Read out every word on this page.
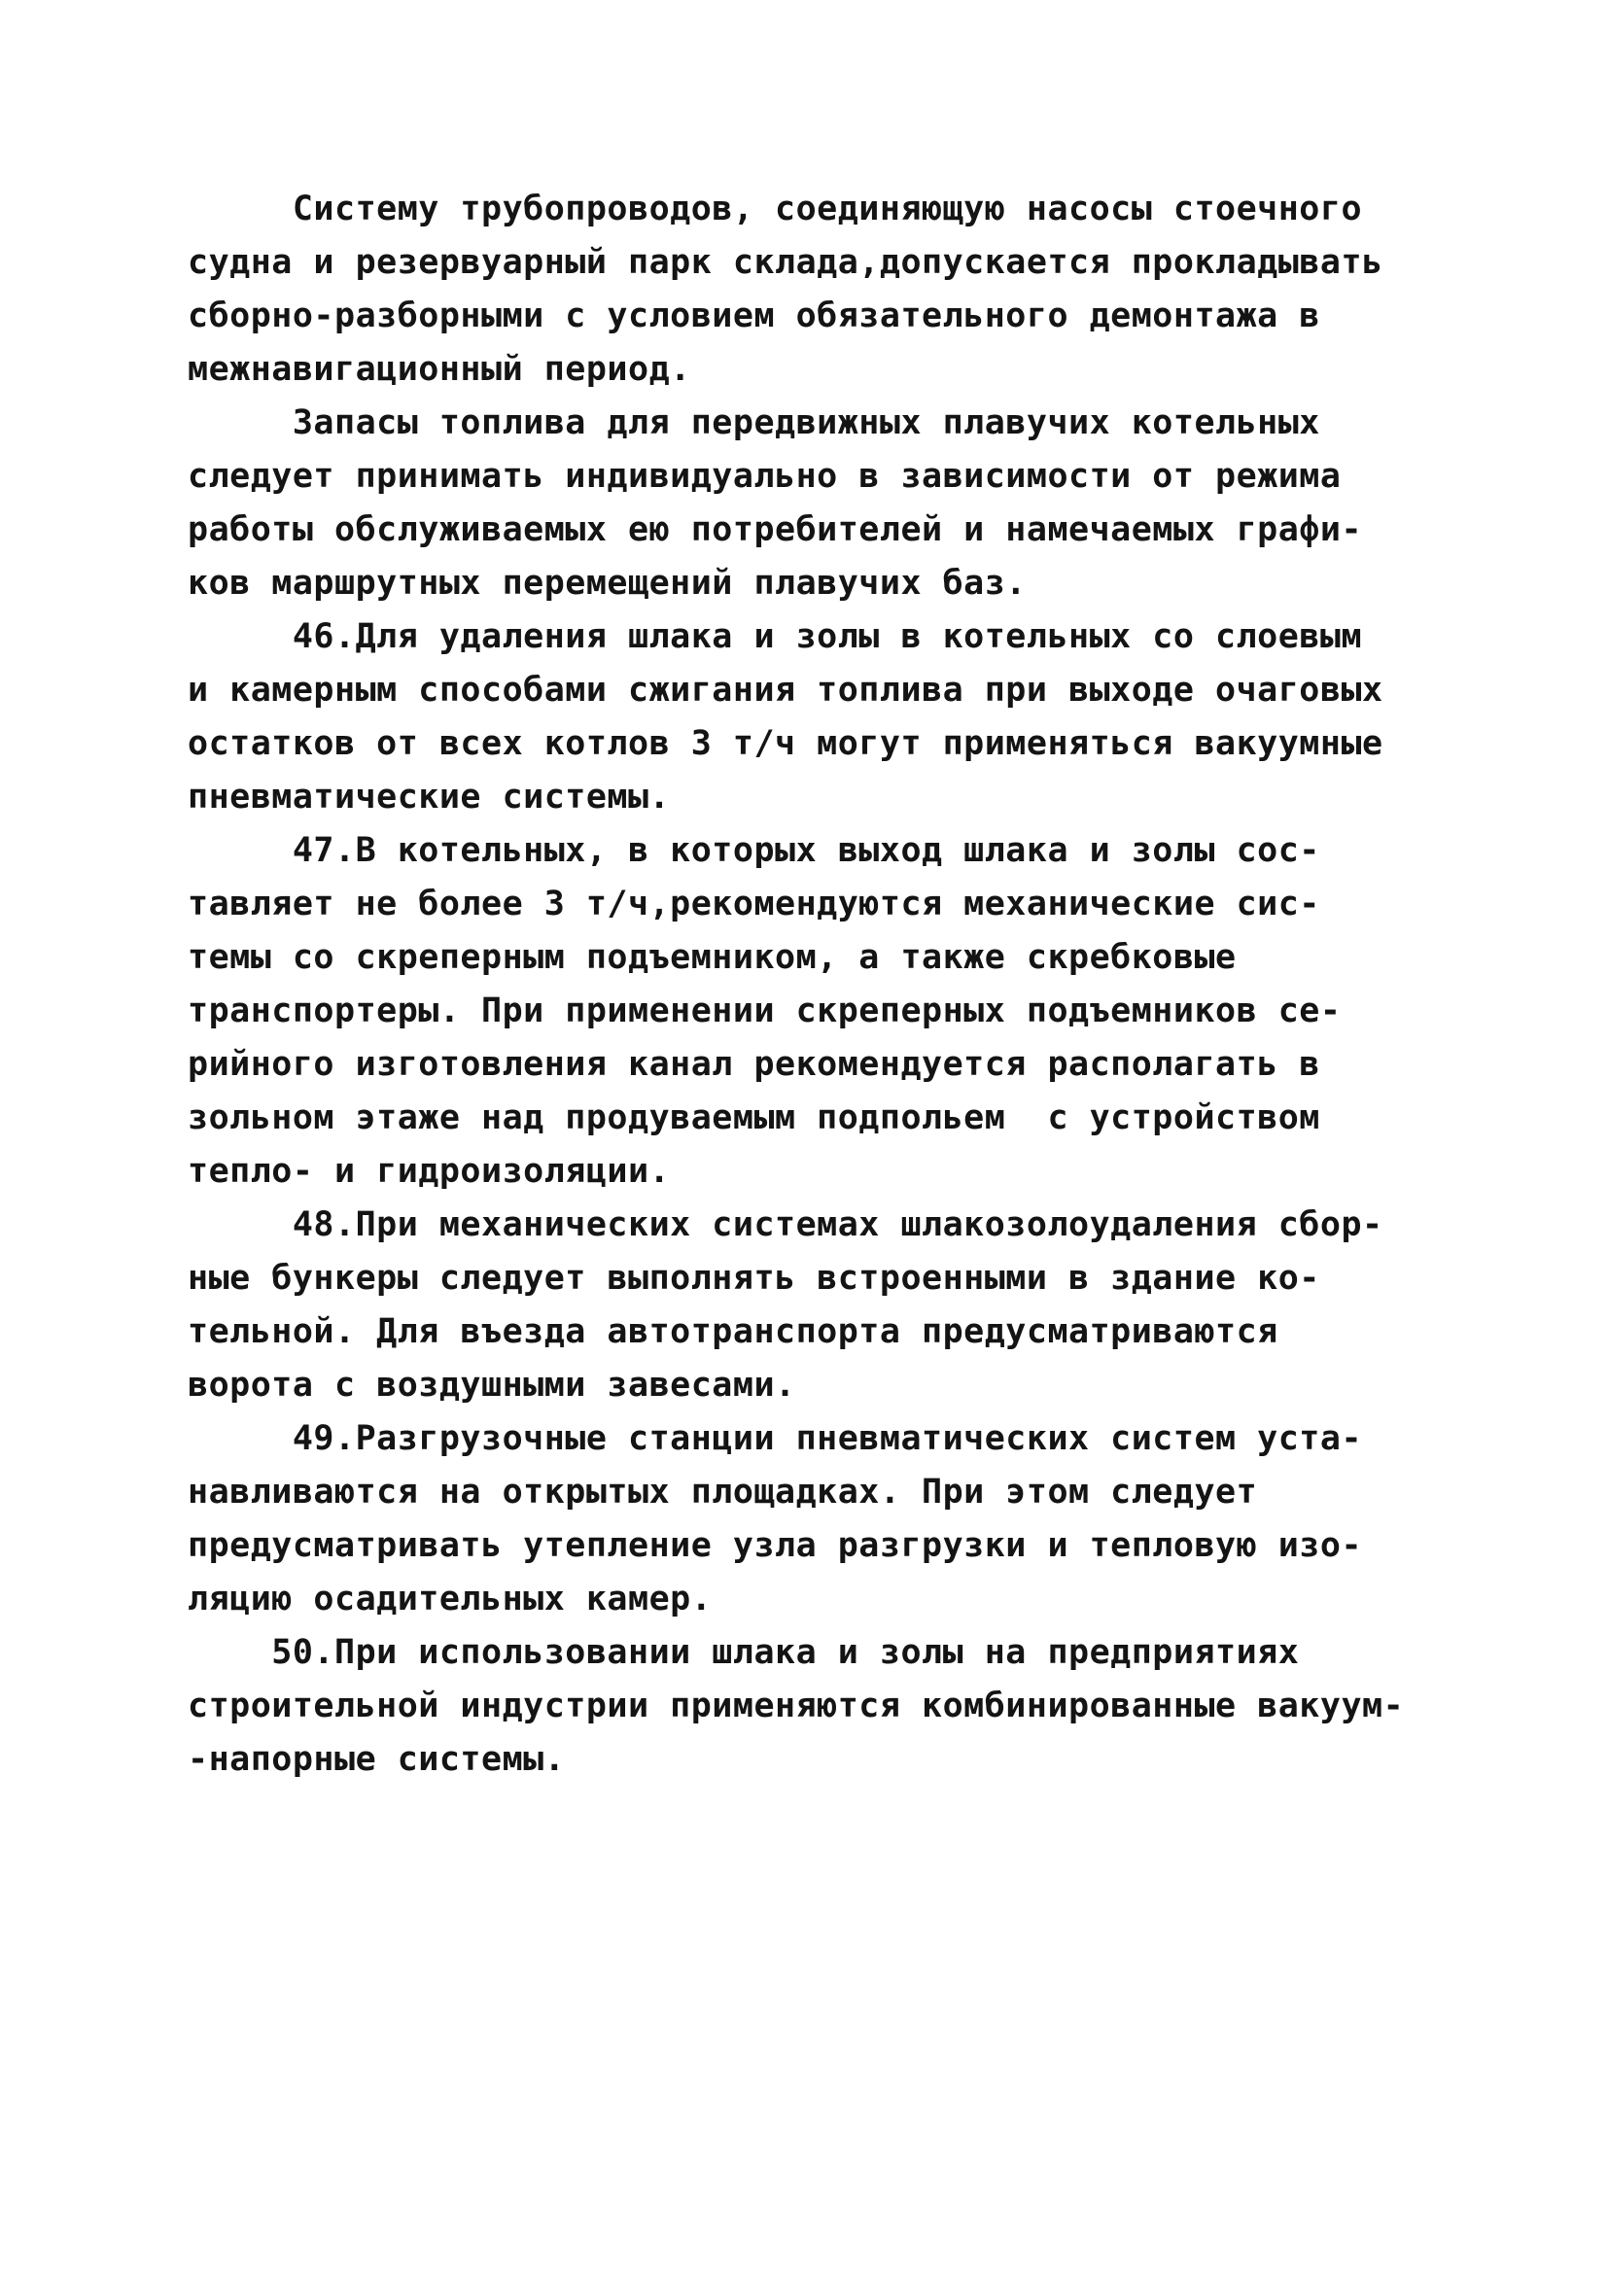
Систему трубопроводов, соединяющую насосы стоечного
судна и резервуарный парк склада,допускается прокладывать
сборно-разборными с условием обязательного демонтажа в
межнавигационный период.
Запасы топлива для передвижных плавучих котельных
следует принимать индивидуально в зависимости от режима
работы обслуживаемых ею потребителей и намечаемых графи-
ков маршрутных перемещений плавучих баз.
46.Для удаления шлака и золы в котельных со слоевым
и камерным способами сжигания топлива при выходе очаговых
остатков от всех котлов 3 т/ч могут применяться вакуумные
пневматические системы.
47.В котельных, в которых выход шлака и золы сос-
тавляет не более 3 т/ч,рекомендуются механические сис-
темы со скреперным подъемником, а также скребковые
транспортеры. При применении скреперных подъемников се-
рийного изготовления канал рекомендуется располагать в
зольном этаже над продуваемым подпольем  с устройством
тепло- и гидроизоляции.
48.При механических системах шлакозолоудаления сбор-
ные бункеры следует выполнять встроенными в здание ко-
тельной. Для въезда автотранспорта предусматриваются
ворота с воздушными завесами.
49.Разгрузочные станции пневматических систем уста-
навливаются на открытых площадках. При этом следует
предусматривать утепление узла разгрузки и тепловую изо-
ляцию осадительных камер.
50.При использовании шлака и золы на предприятиях
строительной индустрии применяются комбинированные вакуум-
-напорные системы.
